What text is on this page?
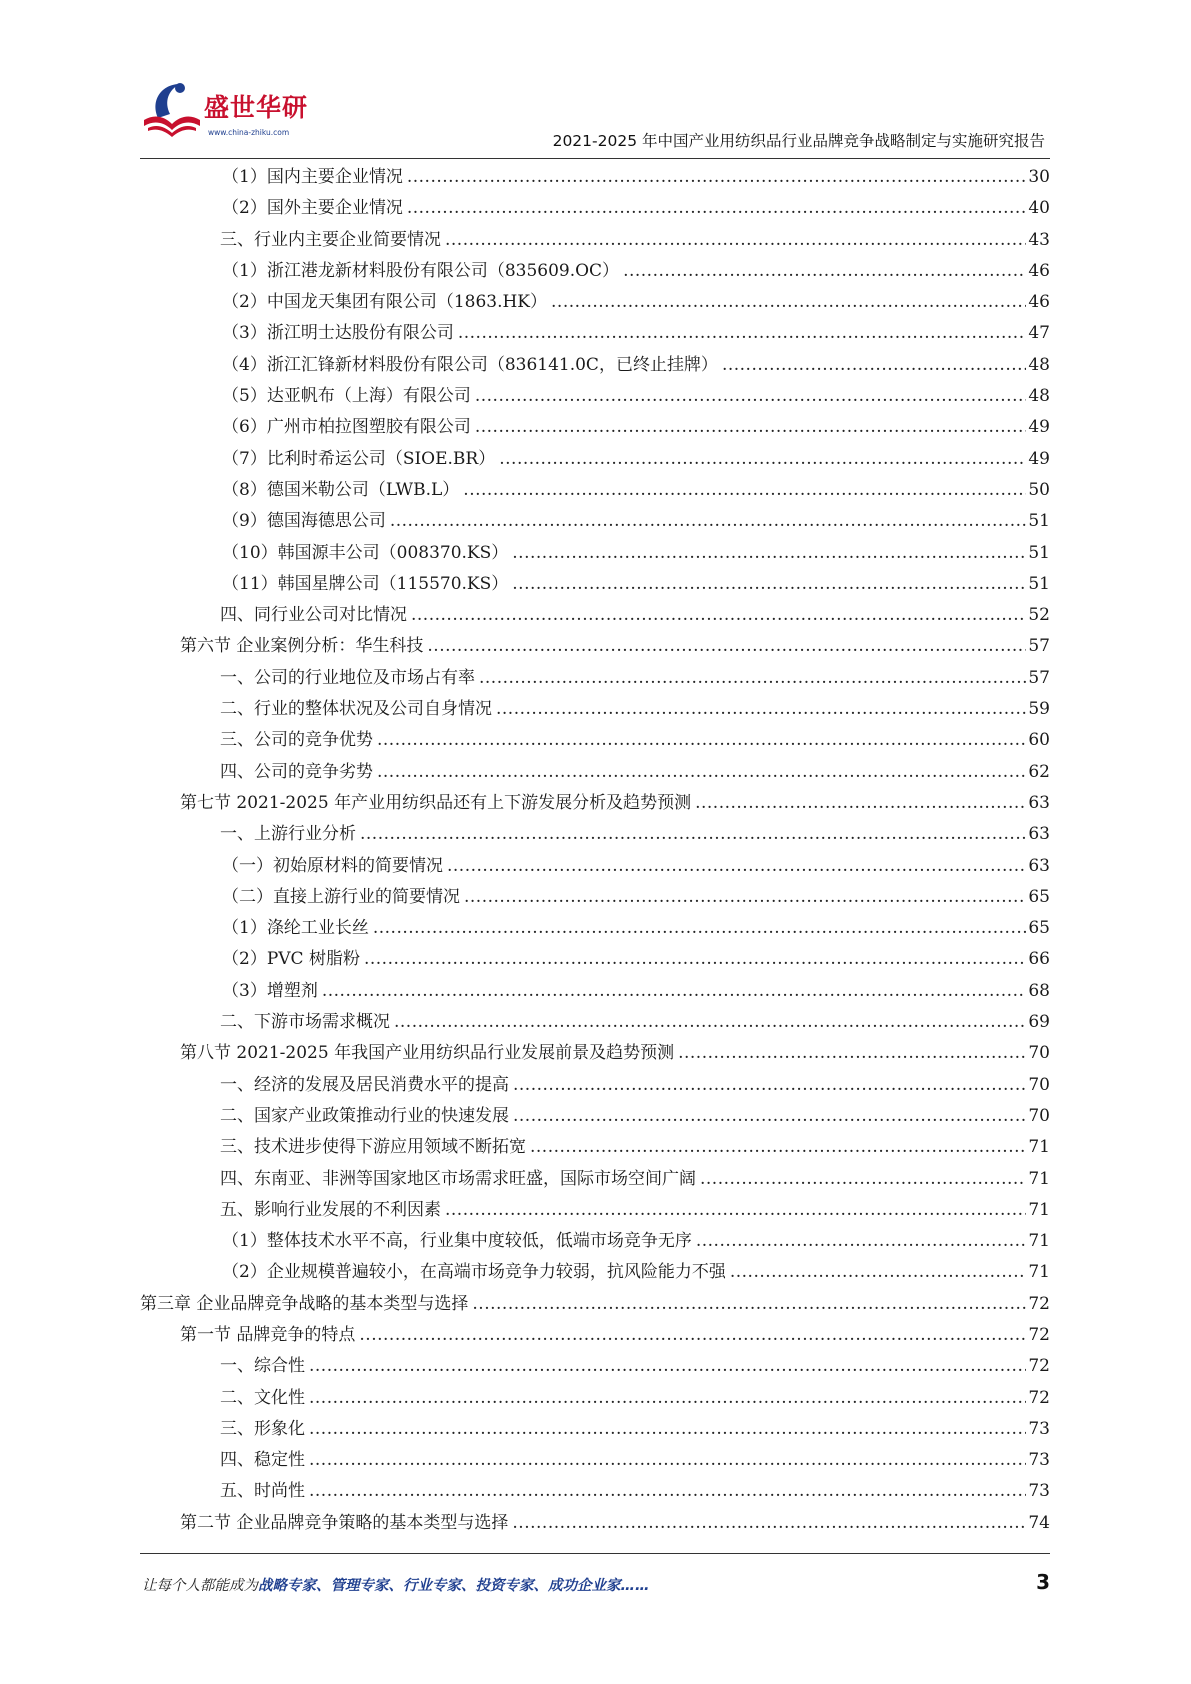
盛世华研
www.china-zhiku.com	2021-2025 年中国产业用纺织品行业品牌竞争战略制定与实施研究报告
（1）国内主要企业情况 .....	30
（2）国外主要企业情况 .....	40
三、行业内主要企业简要情况 .....	43
（1）浙江港龙新材料股份有限公司（835609.OC） .....	46
（2）中国龙天集团有限公司（1863.HK） .....	46
（3）浙江明士达股份有限公司 .....	47
（4）浙江汇锋新材料股份有限公司（836141.0C，已终止挂牌） .....	48
（5）达亚帆布（上海）有限公司 .....	48
（6）广州市柏拉图塑胶有限公司 .....	49
（7）比利时希运公司（SIOE.BR） .....	49
（8）德国米勒公司（LWB.L） .....	50
（9）德国海德思公司 .....	51
（10）韩国源丰公司（008370.KS） .....	51
（11）韩国星牌公司（115570.KS） .....	51
四、同行业公司对比情况 .....	52
第六节 企业案例分析：华生科技 .....	57
一、公司的行业地位及市场占有率 .....	57
二、行业的整体状况及公司自身情况 .....	59
三、公司的竞争优势 .....	60
四、公司的竞争劣势 .....	62
第七节 2021-2025 年产业用纺织品还有上下游发展分析及趋势预测 .....	63
一、上游行业分析 .....	63
（一）初始原材料的简要情况 .....	63
（二）直接上游行业的简要情况 .....	65
（1）涤纶工业长丝 .....	65
（2）PVC 树脂粉 .....	66
（3）增塑剂 .....	68
二、下游市场需求概况 .....	69
第八节 2021-2025 年我国产业用纺织品行业发展前景及趋势预测 .....	70
一、经济的发展及居民消费水平的提高 .....	70
二、国家产业政策推动行业的快速发展 .....	70
三、技术进步使得下游应用领域不断拓宽 .....	71
四、东南亚、非洲等国家地区市场需求旺盛，国际市场空间广阔 .....	71
五、影响行业发展的不利因素 .....	71
（1）整体技术水平不高，行业集中度较低，低端市场竞争无序 .....	71
（2）企业规模普遍较小，在高端市场竞争力较弱，抗风险能力不强 .....	71
第三章 企业品牌竞争战略的基本类型与选择 .....	72
第一节 品牌竞争的特点 .....	72
一、综合性 .....	72
二、文化性 .....	72
三、形象化 .....	73
四、稳定性 .....	73
五、时尚性 .....	73
第二节 企业品牌竞争策略的基本类型与选择 .....	74
让每个人都能成为战略专家、管理专家、行业专家、投资专家、成功企业家……	3
